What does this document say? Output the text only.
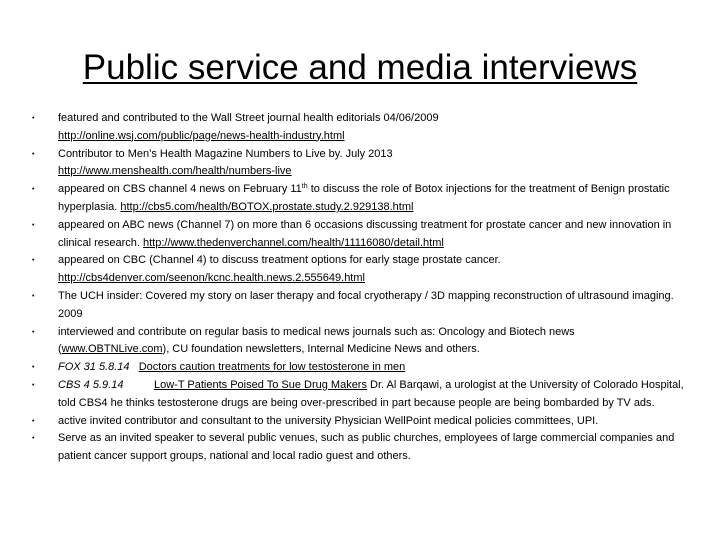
Public service and media interviews
• featured and contributed to the Wall Street journal health editorials 04/06/2009
http://online.wsj.com/public/page/news-health-industry.html
• Contributor to Men’s Health Magazine Numbers to Live by. July 2013
http://www.menshealth.com/health/numbers-live
• appeared on CBS channel 4 news on February 11th to discuss the role of Botox injections for the treatment of Benign prostatic hyperplasia. http://cbs5.com/health/BOTOX.prostate.study.2.929138.html
• appeared on ABC news (Channel 7) on more than 6 occasions discussing treatment for prostate cancer and new innovation in clinical research. http://www.thedenverchannel.com/health/11116080/detail.html
• appeared on CBC (Channel 4) to discuss treatment options for early stage prostate cancer.
http://cbs4denver.com/seenon/kcnc.health.news.2.555649.html
• The UCH insider: Covered my story on laser therapy and focal cryotherapy / 3D mapping reconstruction of ultrasound imaging. 2009
• interviewed and contribute on regular basis to medical news journals such as: Oncology and Biotech news (www.OBTNLive.com), CU foundation newsletters, Internal Medicine News and others.
• FOX 31 5.8.14   Doctors caution treatments for low testosterone in men
• CBS 4 5.9.14          Low-T Patients Poised To Sue Drug Makers Dr. Al Barqawi, a urologist at the University of Colorado Hospital, told CBS4 he thinks testosterone drugs are being over-prescribed in part because people are being bombarded by TV ads.
• active invited contributor and consultant to the university Physician WellPoint medical policies committees, UPI.
• Serve as an invited speaker to several public venues, such as public churches, employees of large commercial companies and patient cancer support groups, national and local radio guest and others.
